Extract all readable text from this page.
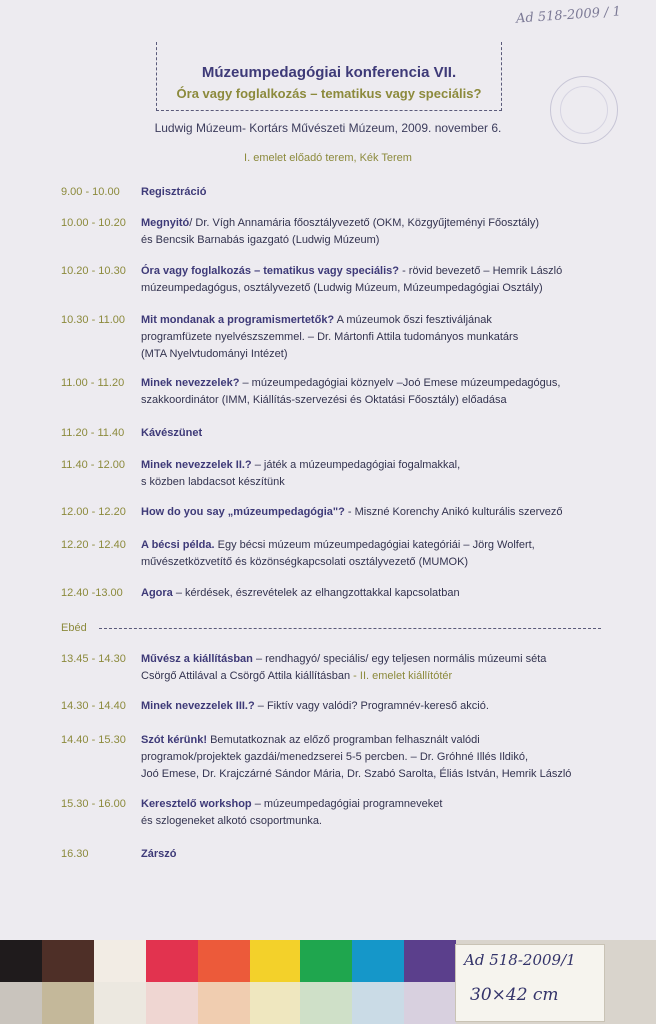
Ad 518-2009 / 1
Múzeumpedagógiai konferencia VII.
Óra vagy foglalkozás – tematikus vagy speciális?
Ludwig Múzeum- Kortárs Művészeti Múzeum, 2009. november 6.
I. emelet előadó terem, Kék Terem
9.00 - 10.00	Regisztráció
10.00 - 10.20	Megnyitó/ Dr. Vígh Annamária főosztályvezető (OKM, Közgyűjteményi Főosztály)
és Bencsik Barnabás igazgató (Ludwig Múzeum)
10.20 - 10.30	Óra vagy foglalkozás – tematikus vagy speciális? - rövid bevezető – Hemrik László
múzeumpedagógus, osztályvezető (Ludwig Múzeum, Múzeumpedagógiai Osztály)
10.30 - 11.00	Mit mondanak a programismertetők? A múzeumok őszi fesztiváljának
programfüzete nyelvészszemmel. – Dr. Mártonfi Attila tudományos munkatárs
(MTA Nyelvtudományi Intézet)
11.00 - 11.20	Minek nevezzelek? – múzeumpedagógiai köznyelv –Joó Emese múzeumpedagógus,
szakkoordinátor (IMM, Kiállítás-szervezési és Oktatási Főosztály) előadása
11.20 - 11.40	Kávészünet
11.40 - 12.00	Minek nevezzelek II.? – játék a múzeumpedagógiai fogalmakkal,
s közben labdacsot készítünk
12.00 - 12.20	How do you say „múzeumpedagógia"? - Miszné Korenchy Anikó kulturális szervező
12.20 - 12.40	A bécsi példa. Egy bécsi múzeum múzeumpedagógiai kategóriái – Jörg Wolfert,
művészetközvetítő és közönségkapcsolati osztályvezető (MUMOK)
12.40 -13.00	Agora – kérdések, észrevételek az elhangzottakkal kapcsolatban
Ebéd
13.45 - 14.30	Művész a kiállításban – rendhagyó/ speciális/ egy teljesen normális múzeumi séta
Csörgő Attilával a Csörgő Attila kiállításban - II. emelet kiállítótér
14.30 - 14.40	Minek nevezzelek III.? – Fiktív vagy valódi? Programnév-kereső akció.
14.40 - 15.30	Szót kérünk! Bemutatkoznak az előző programban felhasznált valódi
programok/projektek gazdái/menedzserei 5-5 percben. – Dr. Gróhné Illés Ildikó,
Joó Emese, Dr. Krajczárné Sándor Mária, Dr. Szabó Sarolta, Éliás István, Hemrik László
15.30 - 16.00	Keresztelő workshop – múzeumpedagógiai programneveket
és szlogeneket alkotó csoportmunka.
16.30	Zárszó
Ad 518-2009/1
30×42 cm
